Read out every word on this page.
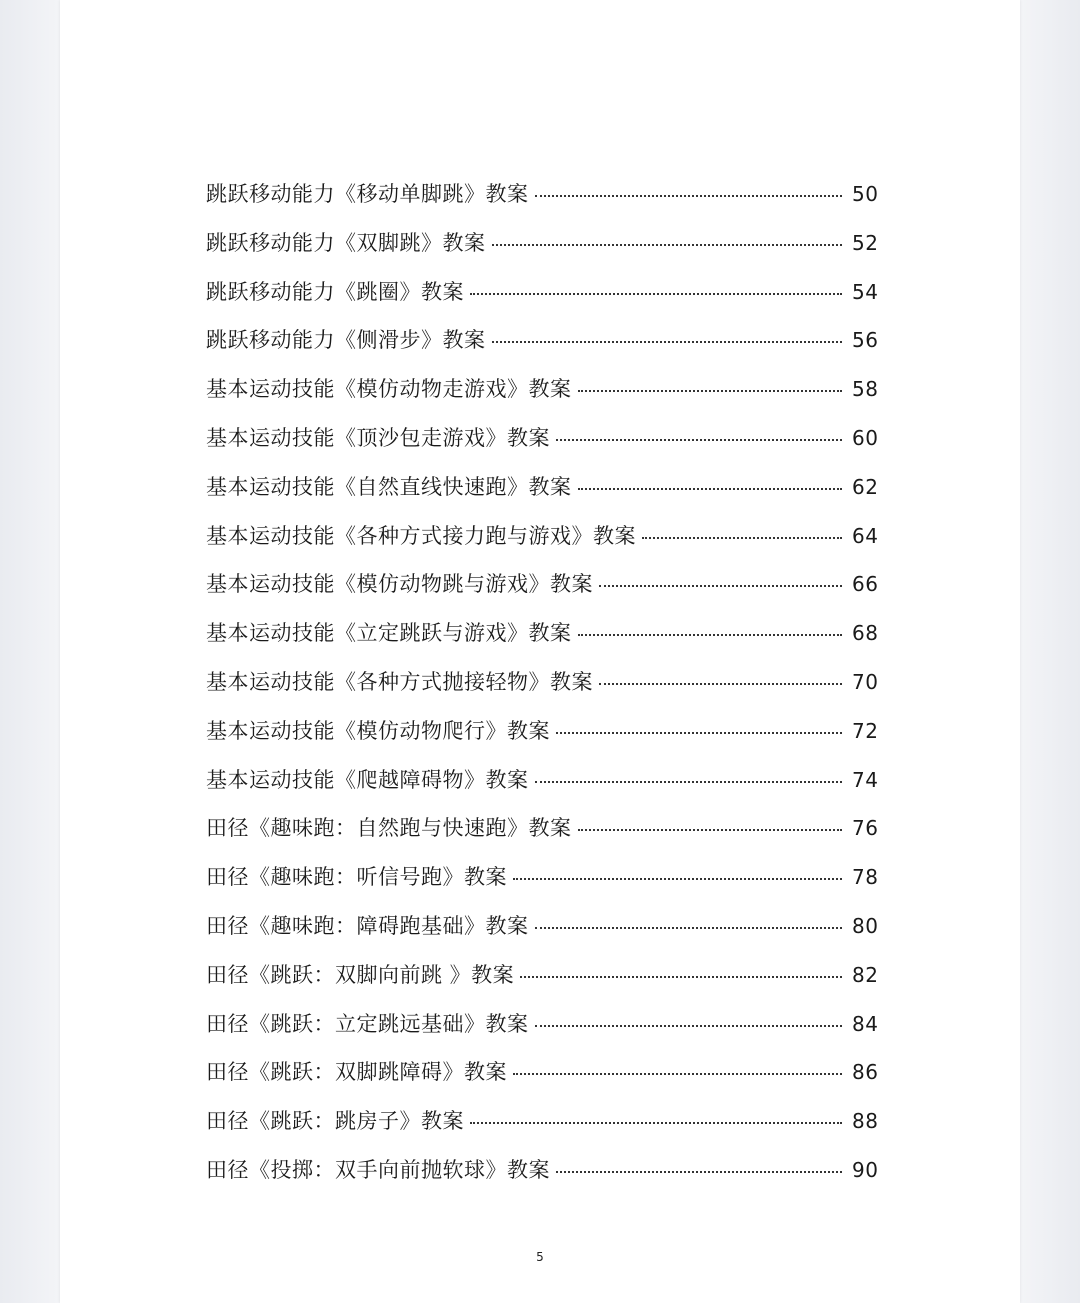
跳跃移动能力《移动单脚跳》教案	50
跳跃移动能力《双脚跳》教案	52
跳跃移动能力《跳圈》教案	54
跳跃移动能力《侧滑步》教案	56
基本运动技能《模仿动物走游戏》教案	58
基本运动技能《顶沙包走游戏》教案	60
基本运动技能《自然直线快速跑》教案	62
基本运动技能《各种方式接力跑与游戏》教案	64
基本运动技能《模仿动物跳与游戏》教案	66
基本运动技能《立定跳跃与游戏》教案	68
基本运动技能《各种方式抛接轻物》教案	70
基本运动技能《模仿动物爬行》教案	72
基本运动技能《爬越障碍物》教案	74
田径《趣味跑：自然跑与快速跑》教案	76
田径《趣味跑：听信号跑》教案	78
田径《趣味跑：障碍跑基础》教案	80
田径《跳跃：双脚向前跳 》教案	82
田径《跳跃：立定跳远基础》教案	84
田径《跳跃：双脚跳障碍》教案	86
田径《跳跃：跳房子》教案	88
田径《投掷：双手向前抛软球》教案	90
5
